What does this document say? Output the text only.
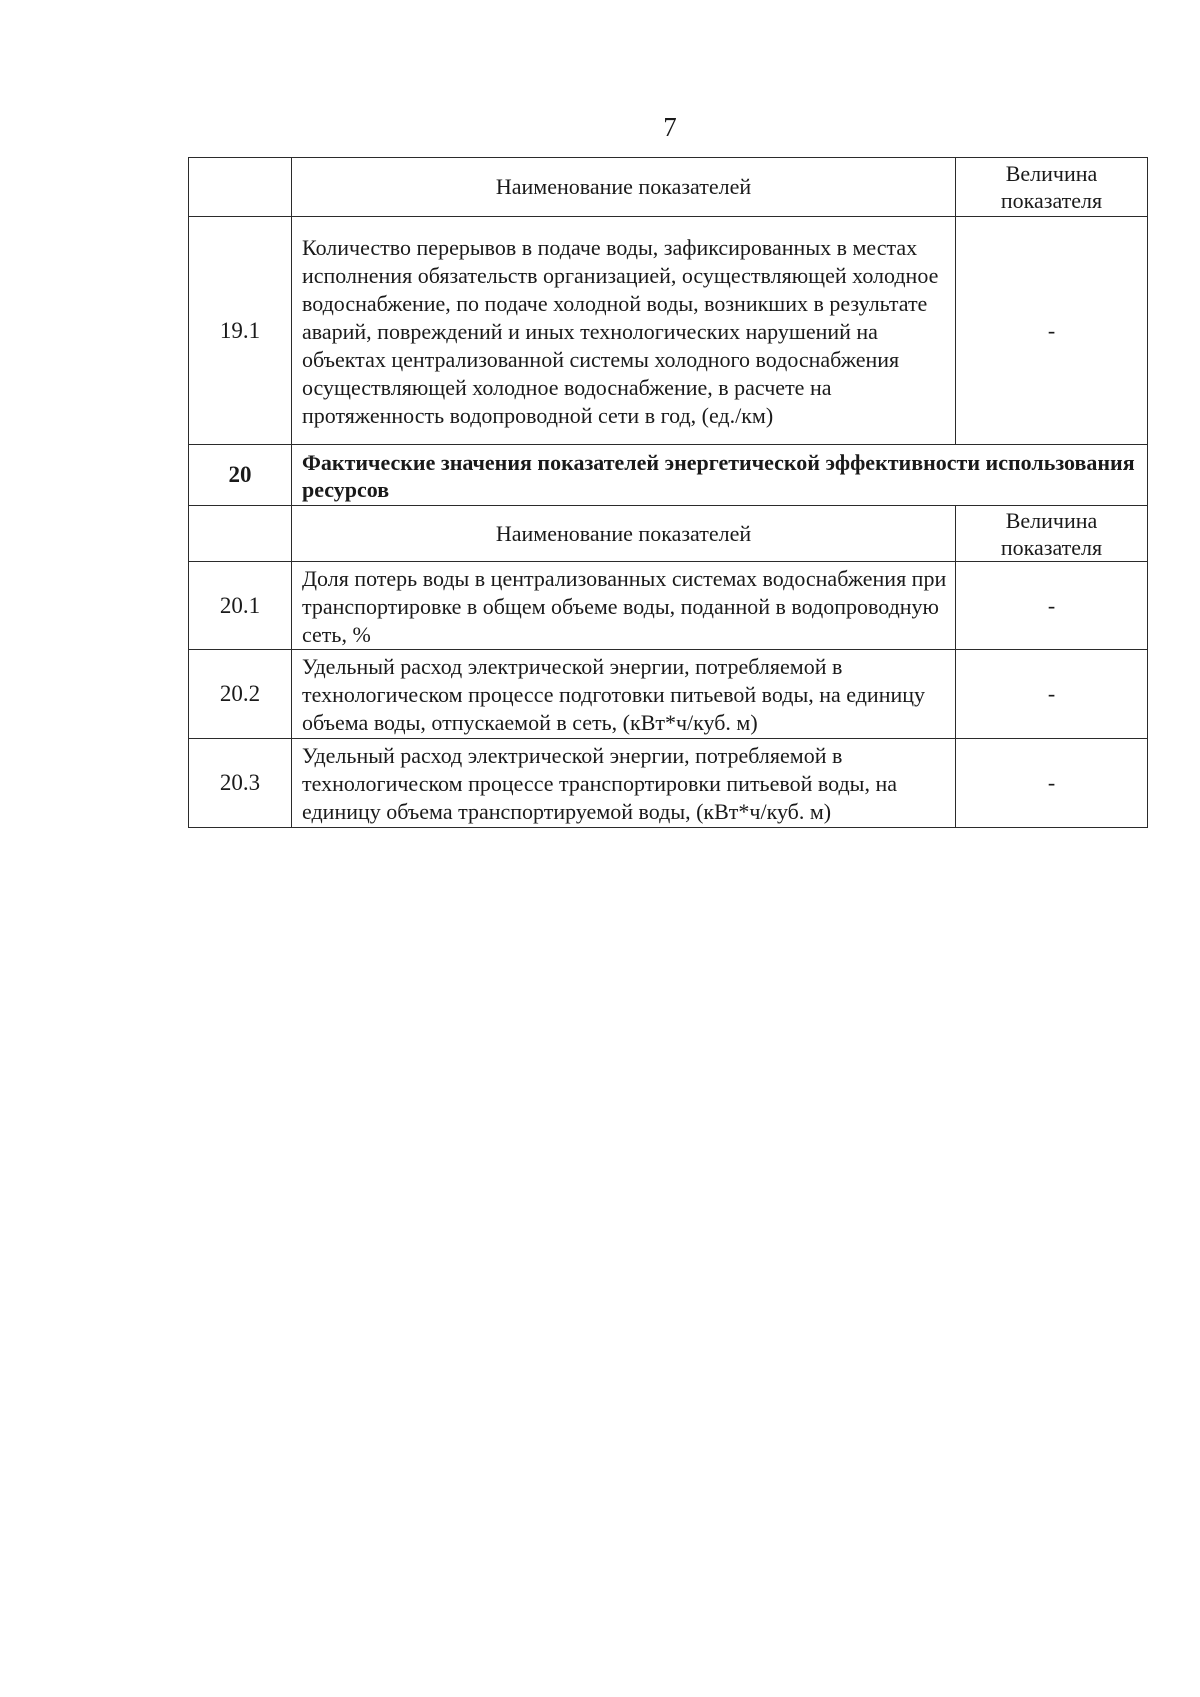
7
	Наименование показателей	Величина показателя
19.1	Количество перерывов в подаче воды, зафиксированных в местах исполнения обязательств организацией, осуществляющей холодное водоснабжение, по подаче холодной воды, возникших в результате аварий, повреждений и иных технологических нарушений на объектах централизованной системы холодного водоснабжения осуществляющей холодное водоснабжение, в расчете на протяженность водопроводной сети в год, (ед./км)	-
20	Фактические значения показателей энергетической эффективности использования ресурсов	
	Наименование показателей	Величина показателя
20.1	Доля потерь воды в централизованных системах водоснабжения при транспортировке в общем объеме воды, поданной в водопроводную сеть, %	-
20.2	Удельный расход электрической энергии, потребляемой в технологическом процессе подготовки питьевой воды, на единицу объема воды, отпускаемой в сеть, (кВт*ч/куб. м)	-
20.3	Удельный расход электрической энергии, потребляемой в технологическом процессе транспортировки питьевой воды, на единицу объема транспортируемой воды, (кВт*ч/куб. м)	-
